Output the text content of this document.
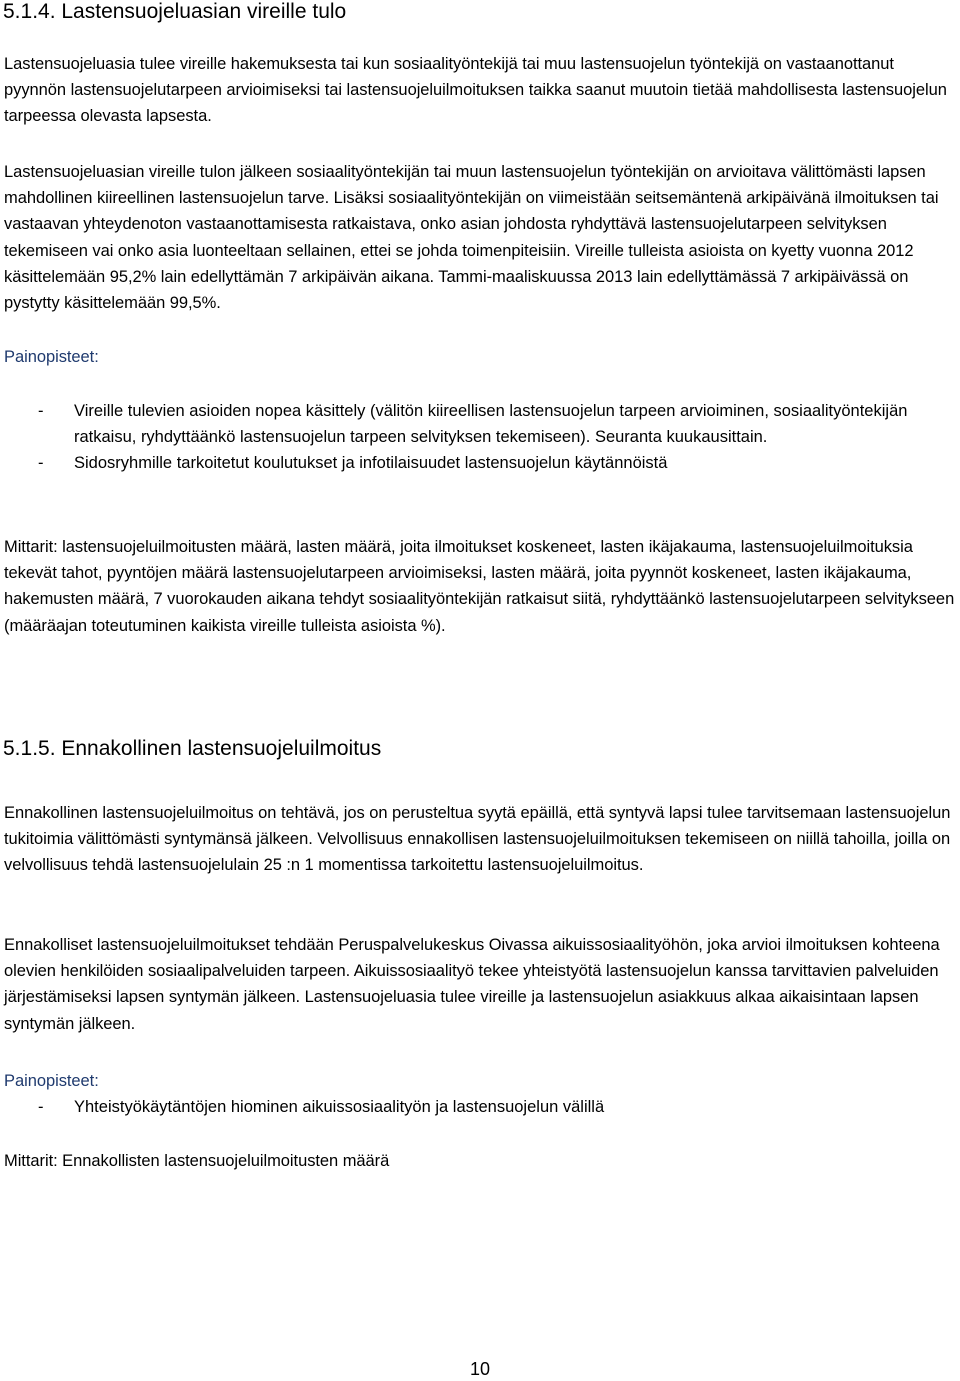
5.1.4. Lastensuojeluasian vireille tulo

Lastensuojeluasia tulee vireille hakemuksesta tai kun sosiaalityöntekijä tai muu lastensuojelun työntekijä on vastaanottanut pyynnön lastensuojelutarpeen arvioimiseksi tai lastensuojeluilmoituksen taikka saanut muutoin tietää mahdollisesta lastensuojelun tarpeessa olevasta lapsesta.

Lastensuojeluasian vireille tulon jälkeen sosiaalityöntekijän tai muun lastensuojelun työntekijän on arvioitava välittömästi lapsen mahdollinen kiireellinen lastensuojelun tarve. Lisäksi sosiaalityöntekijän on viimeistään seitsemäntenä arkipäivänä ilmoituksen tai vastaavan yhteydenoton vastaanottamisesta ratkaistava, onko asian johdosta ryhdyttävä lastensuojelutarpeen selvityksen tekemiseen vai onko asia luonteeltaan sellainen, ettei se johda toimenpiteisiin. Vireille tulleista asioista on kyetty vuonna 2012 käsittelemään 95,2% lain edellyttämän 7 arkipäivän aikana. Tammi-maaliskuussa 2013 lain edellyttämässä 7 arkipäivässä on pystytty käsittelemään 99,5%.

Painopisteet:

- Vireille tulevien asioiden nopea käsittely (välitön kiireellisen lastensuojelun tarpeen arvioiminen, sosiaalityöntekijän ratkaisu, ryhdyttäänkö lastensuojelun tarpeen selvityksen tekemiseen). Seuranta kuukausittain.
- Sidosryhmille tarkoitetut koulutukset ja infotilaisuudet lastensuojelun käytännöistä

Mittarit: lastensuojeluilmoitusten määrä, lasten määrä, joita ilmoitukset koskeneet, lasten ikäjakauma, lastensuojeluilmoituksia tekevät tahot, pyyntöjen määrä lastensuojelutarpeen arvioimiseksi, lasten määrä, joita pyynnöt koskeneet, lasten ikäjakauma, hakemusten määrä, 7 vuorokauden aikana tehdyt sosiaalityöntekijän ratkaisut siitä, ryhdyttäänkö lastensuojelutarpeen selvitykseen (määräajan toteutuminen kaikista vireille tulleista asioista %).

5.1.5. Ennakollinen lastensuojeluilmoitus

Ennakollinen lastensuojeluilmoitus on tehtävä, jos on perusteltua syytä epäillä, että syntyvä lapsi tulee tarvitsemaan lastensuojelun tukitoimia välittömästi syntymänsä jälkeen. Velvollisuus ennakollisen lastensuojeluilmoituksen tekemiseen on niillä tahoilla, joilla on velvollisuus tehdä lastensuojelulain 25 :n 1 momentissa tarkoitettu lastensuojeluilmoitus.

Ennakolliset lastensuojeluilmoitukset tehdään Peruspalvelukeskus Oivassa aikuissosiaalityöhön, joka arvioi ilmoituksen kohteena olevien henkilöiden sosiaalipalveluiden tarpeen. Aikuissosiaalityö tekee yhteistyötä lastensuojelun kanssa tarvittavien palveluiden järjestämiseksi lapsen syntymän jälkeen. Lastensuojeluasia tulee vireille ja lastensuojelun asiakkuus alkaa aikaisintaan lapsen syntymän jälkeen.

Painopisteet:

- Yhteistyökäytäntöjen hiominen aikuissosiaalityön ja lastensuojelun välillä

Mittarit: Ennakollisten lastensuojeluilmoitusten määrä

10
